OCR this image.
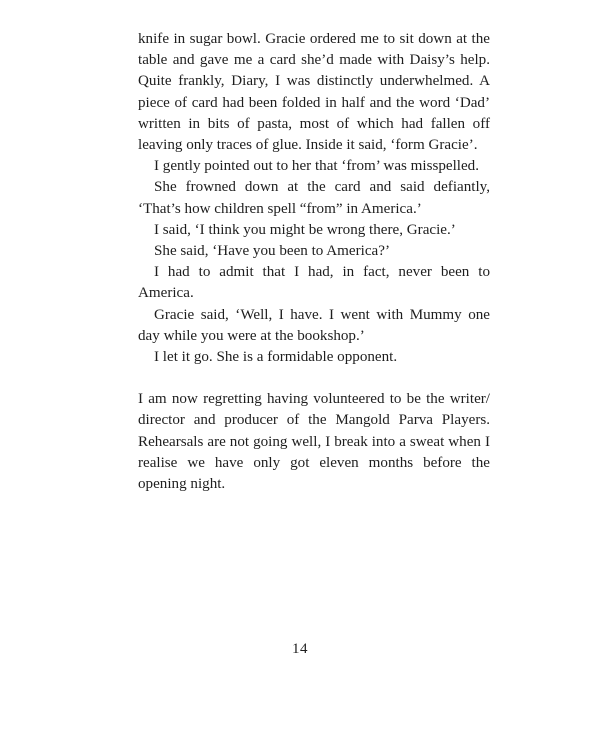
knife in sugar bowl. Gracie ordered me to sit down at the table and gave me a card she’d made with Daisy’s help. Quite frankly, Diary, I was distinctly underwhelmed. A piece of card had been folded in half and the word ‘Dad’ written in bits of pasta, most of which had fallen off leaving only traces of glue. Inside it said, ‘form Gracie’.

I gently pointed out to her that ‘from’ was misspelled.

She frowned down at the card and said defiantly, ‘That’s how children spell “from” in America.’

I said, ‘I think you might be wrong there, Gracie.’

She said, ‘Have you been to America?’

I had to admit that I had, in fact, never been to America.

Gracie said, ‘Well, I have. I went with Mummy one day while you were at the bookshop.’

I let it go. She is a formidable opponent.

I am now regretting having volunteered to be the writer/ director and producer of the Mangold Parva Players. Rehearsals are not going well, I break into a sweat when I realise we have only got eleven months before the opening night.

14
